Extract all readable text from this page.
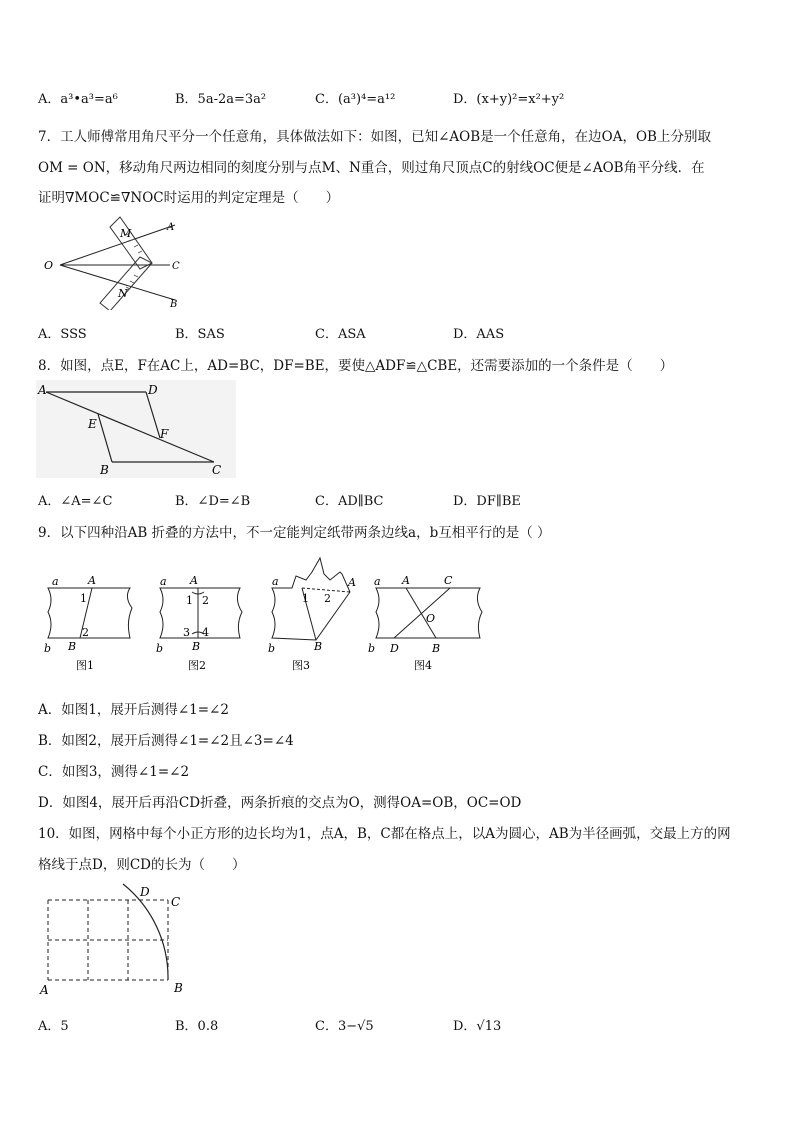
A．a³•a³=a⁶	B．5a-2a=3a²	C．(a³)⁴=a¹²	D．(x+y)²=x²+y²
7．工人师傅常用角尺平分一个任意角，具体做法如下：如图，已知∠AOB是一个任意角，在边OA，OB上分别取
OM = ON，移动角尺两边相同的刻度分别与点M、N重合，则过角尺顶点C的射线OC便是∠AOB角平分线．在
证明∇MOC≌∇NOC时运用的判定定理是（　　）
O
M
N
A
B
C
A．SSS	B．SAS	C．ASA	D．AAS
8．如图，点E，F在AC上，AD=BC，DF=BE，要使△ADF≌△CBE，还需要添加的一个条件是（　　）
A	D
E
F
B	C
A．∠A=∠C	B．∠D=∠B	C．AD∥BC	D．DF∥BE
9．以下四种沿AB 折叠的方法中，不一定能判定纸带两条边线a，b互相平行的是（ ）
a	A
1
2
b B
图1
a A
1 2
3 4
b	B
图2
a	A
1 2
b	B
图3
a A	C
O
b D	B
图4
A．如图1，展开后测得∠1=∠2
B．如图2，展开后测得∠1=∠2且∠3=∠4
C．如图3，测得∠1=∠2
D．如图4，展开后再沿CD折叠，两条折痕的交点为O，测得OA=OB，OC=OD
10．如图，网格中每个小正方形的边长均为1，点A，B，C都在格点上，以A为圆心，AB为半径画弧，交最上方的网
格线于点D，则CD的长为（　　）
A	B
C
D
A．5	B．0.8	C．3−√5	D．√13
